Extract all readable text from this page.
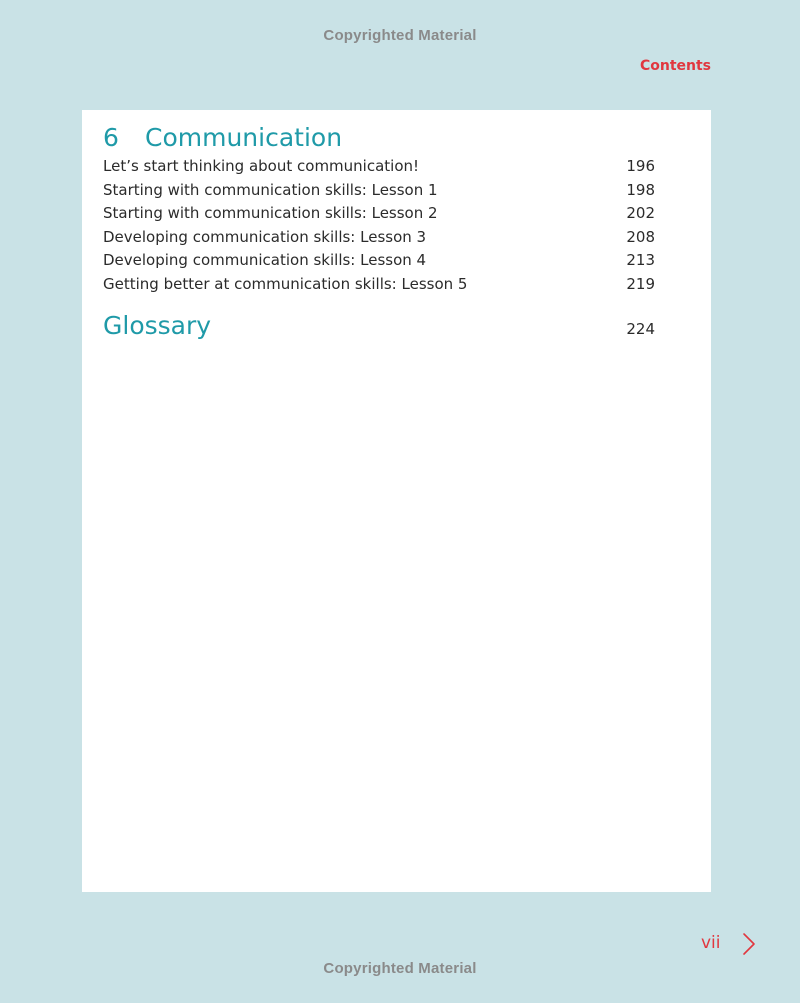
Copyrighted Material
Contents
6 Communication
Let’s start thinking about communication!	196
Starting with communication skills: Lesson 1	198
Starting with communication skills: Lesson 2	202
Developing communication skills: Lesson 3	208
Developing communication skills: Lesson 4	213
Getting better at communication skills: Lesson 5	219
Glossary	224
vii
Copyrighted Material
